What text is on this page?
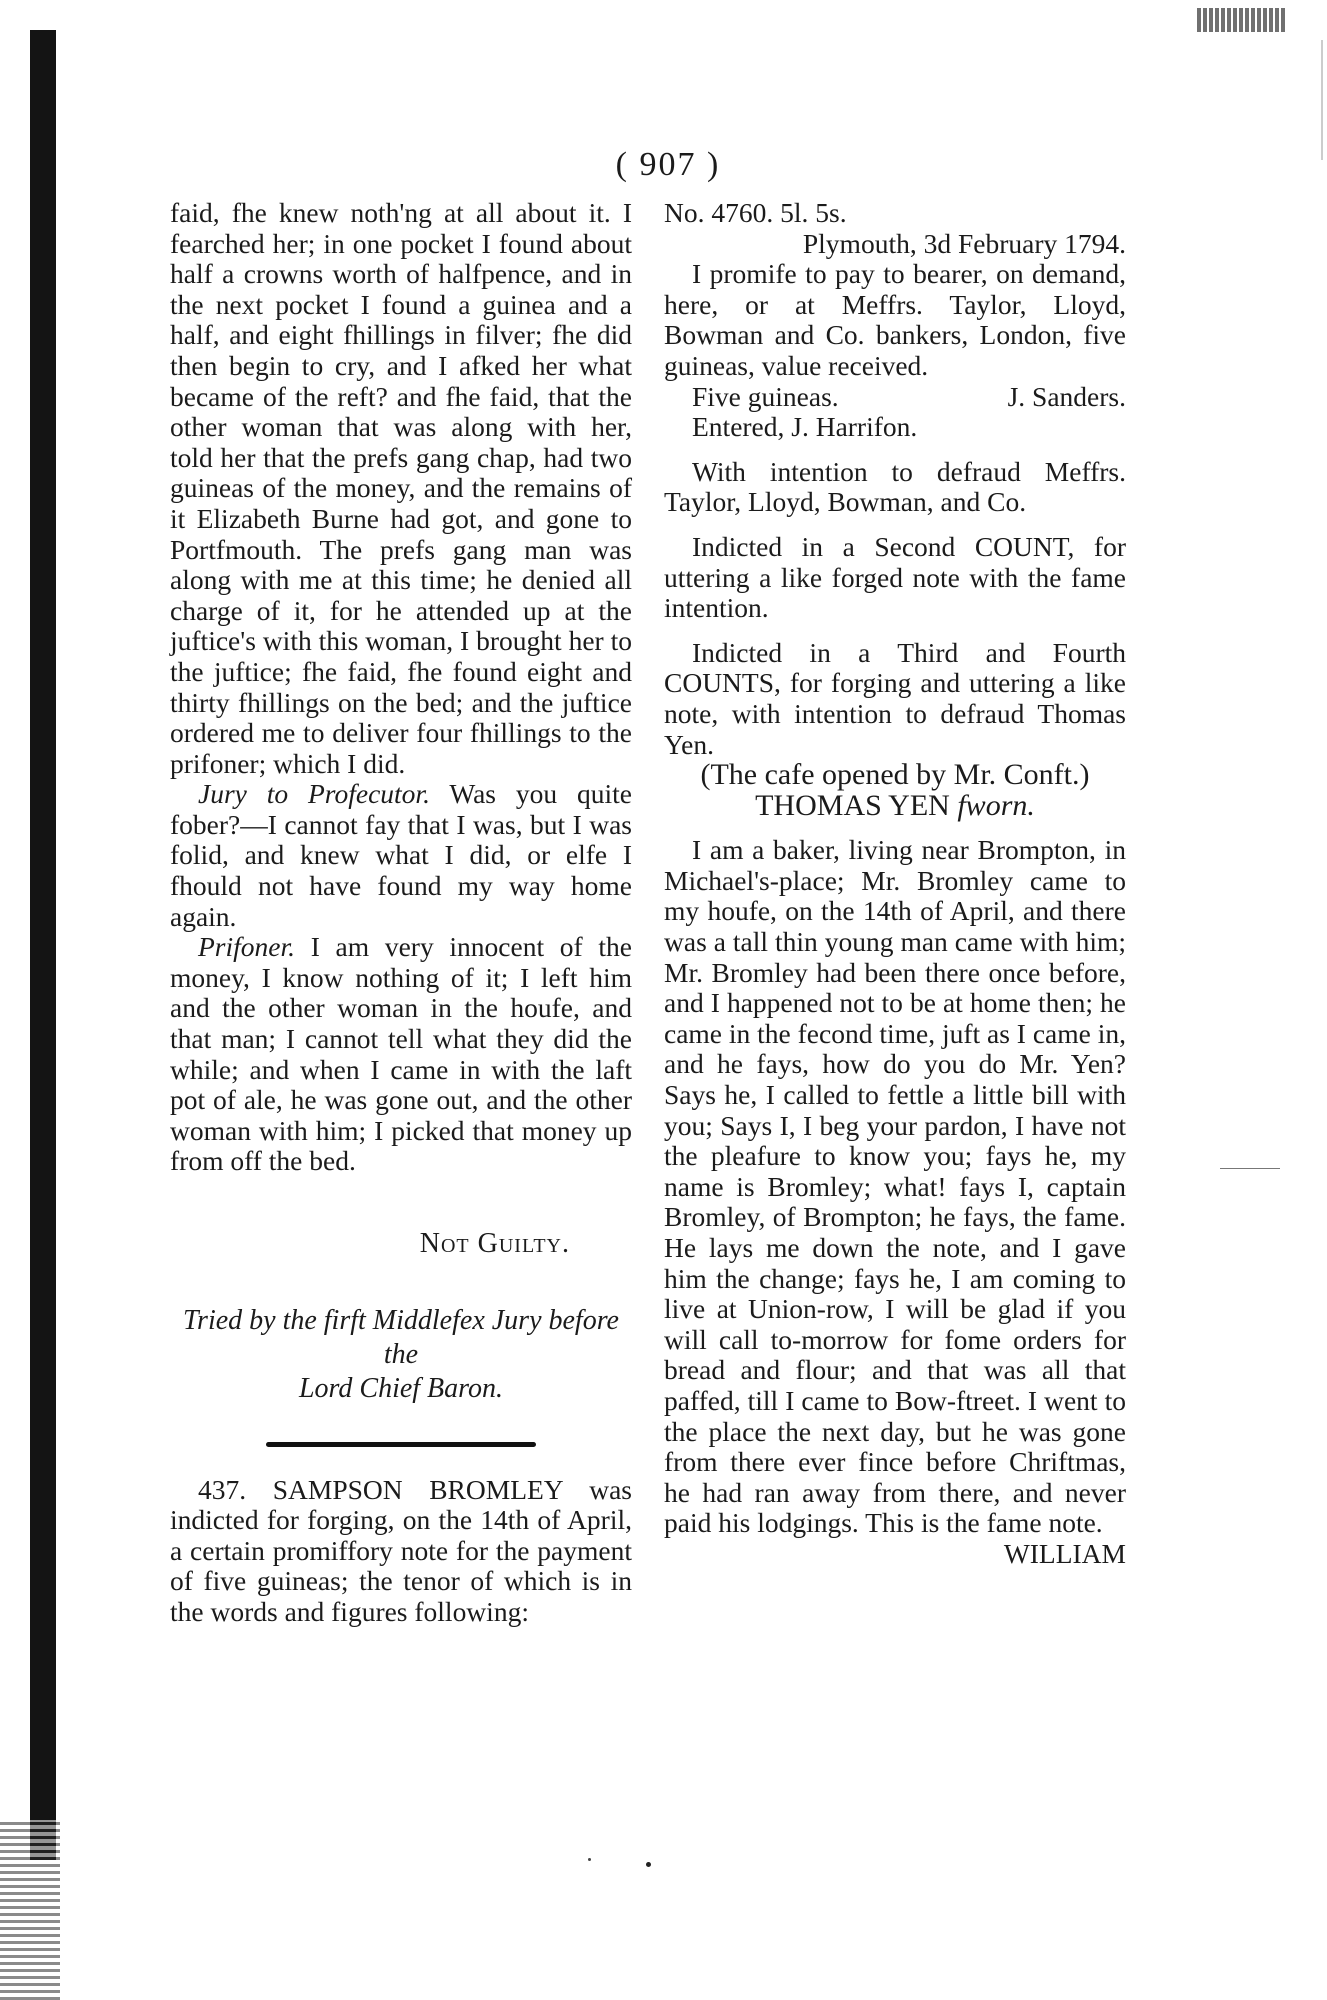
( 907 )

faid, fhe knew noth'ng at all about it. I fearched her; in one pocket I found about half a crowns worth of halfpence, and in the next pocket I found a guinea and a half, and eight fhillings in filver; fhe did then begin to cry, and I afked her what became of the reft? and fhe faid, that the other woman that was along with her, told her that the prefs gang chap, had two guineas of the money, and the remains of it Elizabeth Burne had got, and gone to Portfmouth. The prefs gang man was along with me at this time; he denied all charge of it, for he attended up at the juftice's with this woman, I brought her to the juftice; fhe faid, fhe found eight and thirty fhillings on the bed; and the juftice ordered me to deliver four fhillings to the prifoner; which I did.

Jury to Profecutor. Was you quite fober?—I cannot fay that I was, but I was folid, and knew what I did, or elfe I fhould not have found my way home again.

Prifoner. I am very innocent of the money, I know nothing of it; I left him and the other woman in the houfe, and that man; I cannot tell what they did the while; and when I came in with the laft pot of ale, he was gone out, and the other woman with him; I picked that money up from off the bed.

Not Guilty.

Tried by the firft Middlefex Jury before the
Lord Chief Baron.

437. SAMPSON BROMLEY was indicted for forging, on the 14th of April, a certain promiffory note for the payment of five guineas; the tenor of which is in the words and figures following:

No. 4760. 5l. 5s.

Plymouth, 3d February 1794.

I promife to pay to bearer, on demand, here, or at Meffrs. Taylor, Lloyd, Bowman and Co. bankers, London, five guineas, value received.

Five guineas.	J. Sanders.

Entered, J. Harrifon.

With intention to defraud Meffrs. Taylor, Lloyd, Bowman, and Co.

Indicted in a Second COUNT, for uttering a like forged note with the fame intention.

Indicted in a Third and Fourth COUNTS, for forging and uttering a like note, with intention to defraud Thomas Yen.

(The cafe opened by Mr. Conft.)

THOMAS YEN fworn.

I am a baker, living near Brompton, in Michael's-place; Mr. Bromley came to my houfe, on the 14th of April, and there was a tall thin young man came with him; Mr. Bromley had been there once before, and I happened not to be at home then; he came in the fecond time, juft as I came in, and he fays, how do you do Mr. Yen? Says he, I called to fettle a little bill with you; Says I, I beg your pardon, I have not the pleafure to know you; fays he, my name is Bromley; what! fays I, captain Bromley, of Brompton; he fays, the fame. He lays me down the note, and I gave him the change; fays he, I am coming to live at Union-row, I will be glad if you will call to-morrow for fome orders for bread and flour; and that was all that paffed, till I came to Bow-ftreet. I went to the place the next day, but he was gone from there ever fince before Chriftmas, he had ran away from there, and never paid his lodgings. This is the fame note.

WILLIAM
